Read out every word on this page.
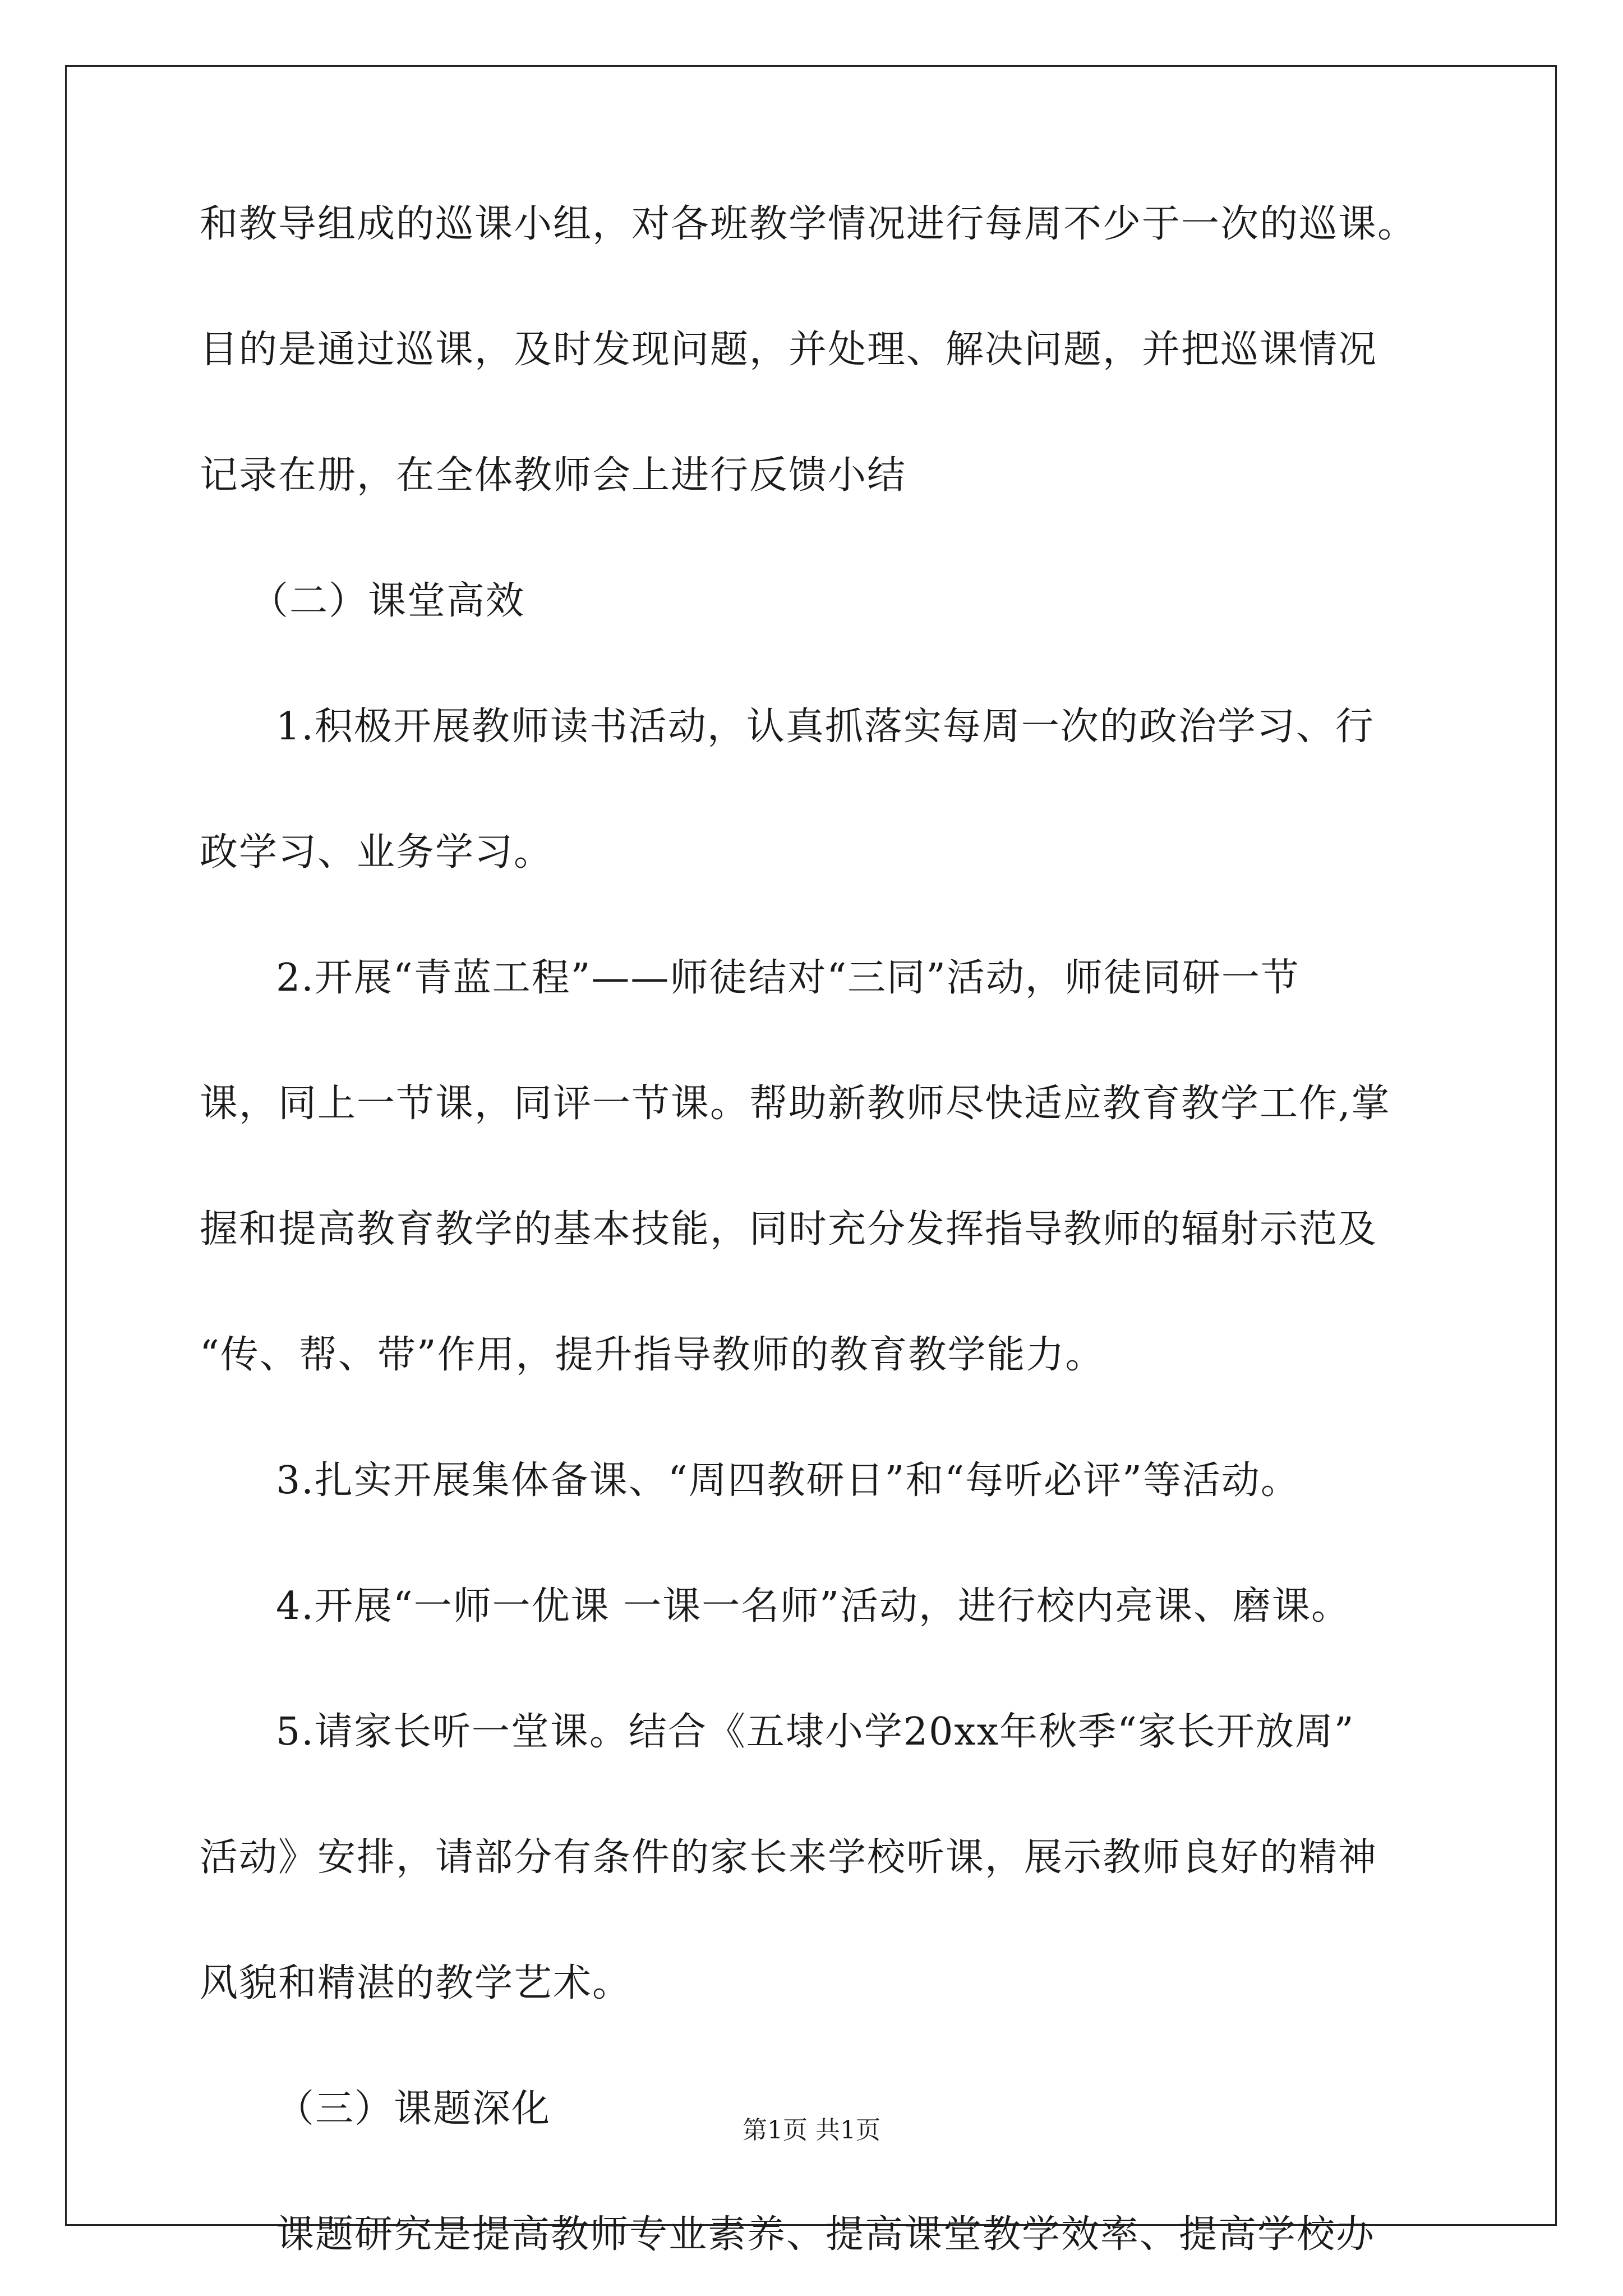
和教导组成的巡课小组，对各班教学情况进行每周不少于一次的巡课。
目的是通过巡课，及时发现问题，并处理、解决问题，并把巡课情况
记录在册，在全体教师会上进行反馈小结
（二）课堂高效
1.积极开展教师读书活动，认真抓落实每周一次的政治学习、行
政学习、业务学习。
2.开展“青蓝工程”——师徒结对“三同”活动，师徒同研一节
课，同上一节课，同评一节课。帮助新教师尽快适应教育教学工作,掌
握和提高教育教学的基本技能，同时充分发挥指导教师的辐射示范及
“传、帮、带”作用，提升指导教师的教育教学能力。
3.扎实开展集体备课、“周四教研日”和“每听必评”等活动。
4.开展“一师一优课 一课一名师”活动，进行校内亮课、磨课。
5.请家长听一堂课。结合《五埭小学20xx年秋季“家长开放周”
活动》安排，请部分有条件的家长来学校听课，展示教师良好的精神
风貌和精湛的教学艺术。
（三）课题深化
课题研究是提高教师专业素养、提高课堂教学效率、提高学校办
第1页 共1页
